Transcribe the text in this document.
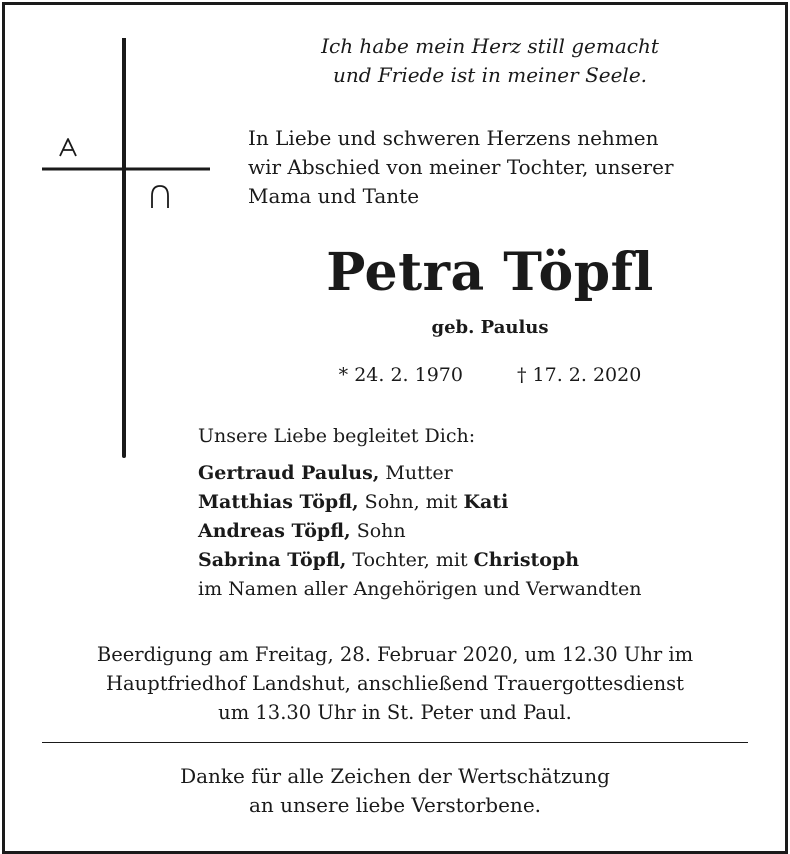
Ich habe mein Herz still gemacht
und Friede ist in meiner Seele.
In Liebe und schweren Herzens nehmen
wir Abschied von meiner Tochter, unserer
Mama und Tante
Petra Töpfl
geb. Paulus
* 24. 2. 1970	† 17. 2. 2020
Unsere Liebe begleitet Dich:
Gertraud Paulus, Mutter
Matthias Töpfl, Sohn, mit Kati
Andreas Töpfl, Sohn
Sabrina Töpfl, Tochter, mit Christoph
im Namen aller Angehörigen und Verwandten
Beerdigung am Freitag, 28. Februar 2020, um 12.30 Uhr im
Hauptfriedhof Landshut, anschließend Trauergottesdienst
um 13.30 Uhr in St. Peter und Paul.
Danke für alle Zeichen der Wertschätzung
an unsere liebe Verstorbene.
